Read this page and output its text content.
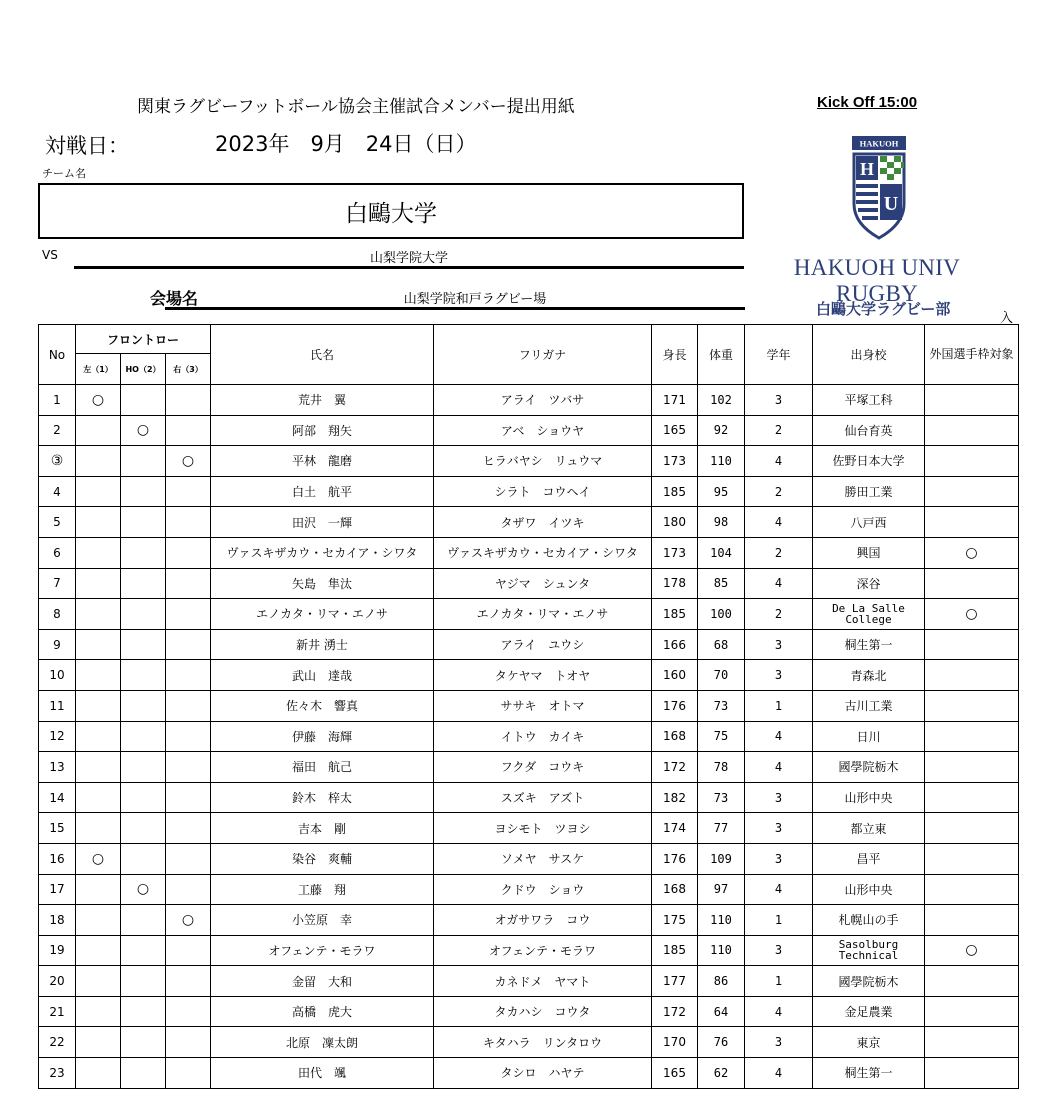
関東ラグビーフットボール協会主催試合メンバー提出用紙	Kick Off 15:00
対戦日：	2023年　9月　24日（日）
チーム名
白鷗大学
VS	山梨学院大学
会場名	山梨学院和戸ラグビー場
HAKUOH
H
U
HAKUOH UNIV RUGBY
白鷗大学ラグビー部
入
No	フロントロー			氏名	フリガナ	身長	体重	学年	出身校	外国選手枠対象
	左（1）	HO（2）	右（3）							
1	○			荒井　翼	アライ　ツバサ	171	102	3	平塚工科	
2		○		阿部　翔矢	アベ　ショウヤ	165	92	2	仙台育英	
③			○	平林　龍磨	ヒラバヤシ　リュウマ	173	110	4	佐野日本大学	
4				白土　航平	シラト　コウヘイ	185	95	2	勝田工業	
5				田沢　一輝	タザワ　イツキ	180	98	4	八戸西	
6				ヴァスキザカウ・セカイア・シワタ	ヴァスキザカウ・セカイア・シワタ	173	104	2	興国	○
7				矢島　隼汰	ヤジマ　シュンタ	178	85	4	深谷	
8				エノカタ・リマ・エノサ	エノカタ・リマ・エノサ	185	100	2	De La Salle College	○
9				新井 湧士	アライ　ユウシ	166	68	3	桐生第一	
10				武山　達哉	タケヤマ　トオヤ	160	70	3	青森北	
11				佐々木　響真	ササキ　オトマ	176	73	1	古川工業	
12				伊藤　海輝	イトウ　カイキ	168	75	4	日川	
13				福田　航己	フクダ　コウキ	172	78	4	國學院栃木	
14				鈴木　梓太	スズキ　アズト	182	73	3	山形中央	
15				吉本　剛	ヨシモト　ツヨシ	174	77	3	都立東	
16	○			染谷　爽輔	ソメヤ　サスケ	176	109	3	昌平	
17		○		工藤　翔	クドウ　ショウ	168	97	4	山形中央	
18			○	小笠原　幸	オガサワラ　コウ	175	110	1	札幌山の手	
19				オフェンテ・モラワ	オフェンテ・モラワ	185	110	3	Sasolburg Technical	○
20				金留　大和	カネドメ　ヤマト	177	86	1	國學院栃木	
21				高橋　虎大	タカハシ　コウタ	172	64	4	金足農業	
22				北原　凜太朗	キタハラ　リンタロウ	170	76	3	東京	
23				田代　颯	タシロ　ハヤテ	165	62	4	桐生第一	
